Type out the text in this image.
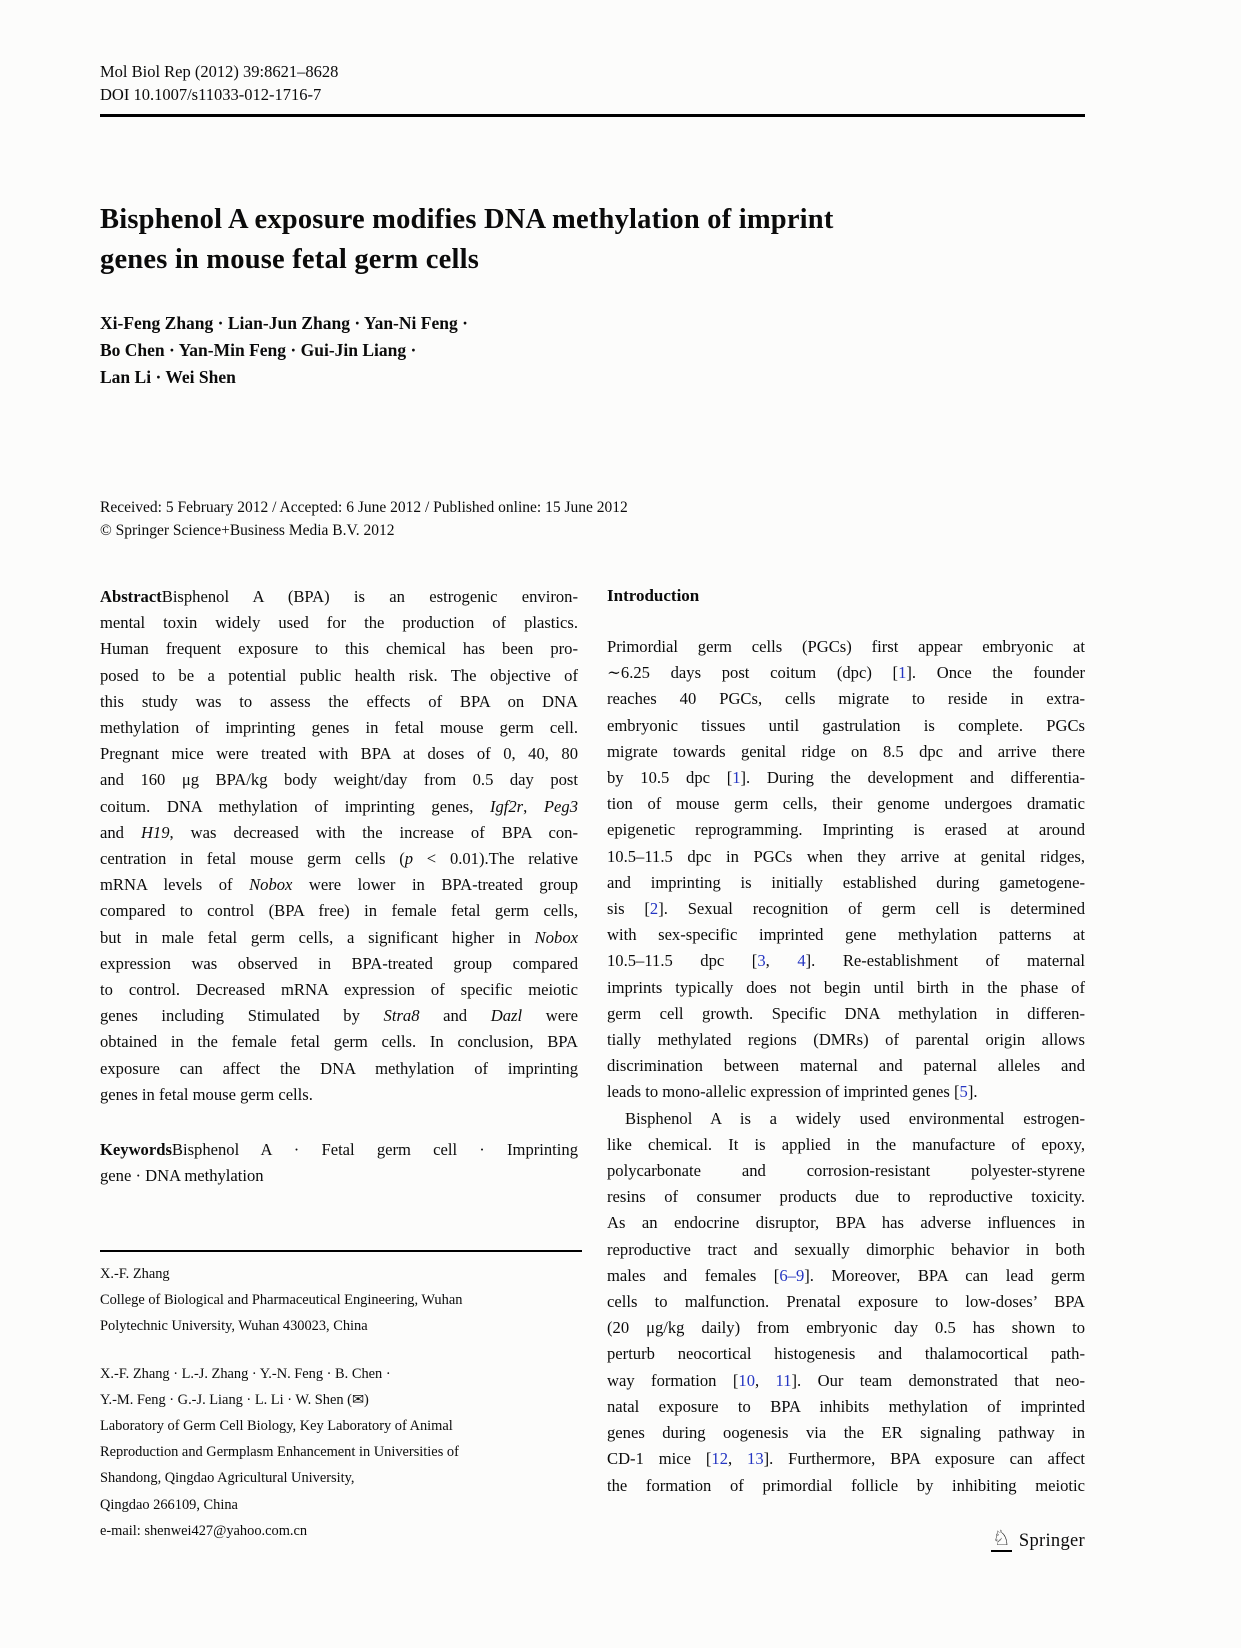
Mol Biol Rep (2012) 39:8621–8628
DOI 10.1007/s11033-012-1716-7
Bisphenol A exposure modifies DNA methylation of imprint
genes in mouse fetal germ cells
Xi-Feng Zhang · Lian-Jun Zhang · Yan-Ni Feng ·
Bo Chen · Yan-Min Feng · Gui-Jin Liang ·
Lan Li · Wei Shen
Received: 5 February 2012 / Accepted: 6 June 2012 / Published online: 15 June 2012
© Springer Science+Business Media B.V. 2012
AbstractBisphenol A (BPA) is an estrogenic environ-
mental toxin widely used for the production of plastics.
Human frequent exposure to this chemical has been pro-
posed to be a potential public health risk. The objective of
this study was to assess the effects of BPA on DNA
methylation of imprinting genes in fetal mouse germ cell.
Pregnant mice were treated with BPA at doses of 0, 40, 80
and 160 μg BPA/kg body weight/day from 0.5 day post
coitum. DNA methylation of imprinting genes, Igf2r, Peg3
and H19, was decreased with the increase of BPA con-
centration in fetal mouse germ cells (p < 0.01).The relative
mRNA levels of Nobox were lower in BPA-treated group
compared to control (BPA free) in female fetal germ cells,
but in male fetal germ cells, a significant higher in Nobox
expression was observed in BPA-treated group compared
to control. Decreased mRNA expression of specific meiotic
genes including Stimulated by Stra8 and Dazl were
obtained in the female fetal germ cells. In conclusion, BPA
exposure can affect the DNA methylation of imprinting
genes in fetal mouse germ cells.
KeywordsBisphenol A · Fetal germ cell · Imprinting
gene · DNA methylation
Introduction
Primordial germ cells (PGCs) first appear embryonic at
∼6.25 days post coitum (dpc) [1]. Once the founder
reaches 40 PGCs, cells migrate to reside in extra-
embryonic tissues until gastrulation is complete. PGCs
migrate towards genital ridge on 8.5 dpc and arrive there
by 10.5 dpc [1]. During the development and differentia-
tion of mouse germ cells, their genome undergoes dramatic
epigenetic reprogramming. Imprinting is erased at around
10.5–11.5 dpc in PGCs when they arrive at genital ridges,
and imprinting is initially established during gametogene-
sis [2]. Sexual recognition of germ cell is determined
with sex-specific imprinted gene methylation patterns at
10.5–11.5 dpc [3, 4]. Re-establishment of maternal
imprints typically does not begin until birth in the phase of
germ cell growth. Specific DNA methylation in differen-
tially methylated regions (DMRs) of parental origin allows
discrimination between maternal and paternal alleles and
leads to mono-allelic expression of imprinted genes [5].
Bisphenol A is a widely used environmental estrogen-
like chemical. It is applied in the manufacture of epoxy,
polycarbonate and corrosion-resistant polyester-styrene
resins of consumer products due to reproductive toxicity.
As an endocrine disruptor, BPA has adverse influences in
reproductive tract and sexually dimorphic behavior in both
males and females [6–9]. Moreover, BPA can lead germ
cells to malfunction. Prenatal exposure to low-doses’ BPA
(20 μg/kg daily) from embryonic day 0.5 has shown to
perturb neocortical histogenesis and thalamocortical path-
way formation [10, 11]. Our team demonstrated that neo-
natal exposure to BPA inhibits methylation of imprinted
genes during oogenesis via the ER signaling pathway in
CD-1 mice [12, 13]. Furthermore, BPA exposure can affect
the formation of primordial follicle by inhibiting meiotic
X.-F. Zhang
College of Biological and Pharmaceutical Engineering, Wuhan
Polytechnic University, Wuhan 430023, China
X.-F. Zhang · L.-J. Zhang · Y.-N. Feng · B. Chen ·
Y.-M. Feng · G.-J. Liang · L. Li · W. Shen (✉)
Laboratory of Germ Cell Biology, Key Laboratory of Animal
Reproduction and Germplasm Enhancement in Universities of
Shandong, Qingdao Agricultural University,
Qingdao 266109, China
e-mail: shenwei427@yahoo.com.cn	♘ Springer
